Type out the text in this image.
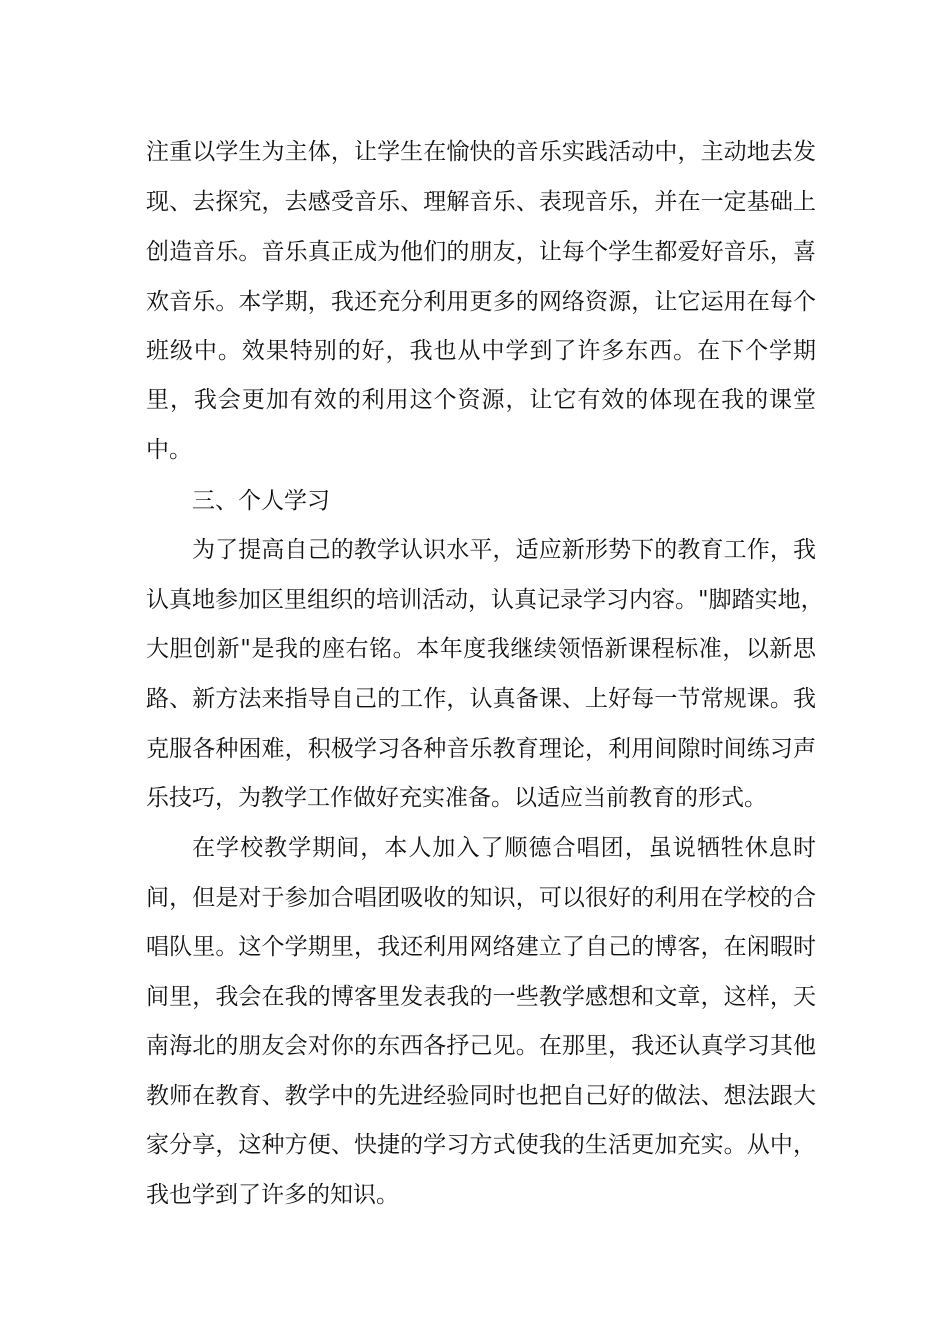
注重以学生为主体，让学生在愉快的音乐实践活动中，主动地去发
现、去探究，去感受音乐、理解音乐、表现音乐，并在一定基础上
创造音乐。音乐真正成为他们的朋友，让每个学生都爱好音乐，喜
欢音乐。本学期，我还充分利用更多的网络资源，让它运用在每个
班级中。效果特别的好，我也从中学到了许多东西。在下个学期
里，我会更加有效的利用这个资源，让它有效的体现在我的课堂
中。
三、个人学习
为了提高自己的教学认识水平，适应新形势下的教育工作，我
认真地参加区里组织的培训活动，认真记录学习内容。"脚踏实地，
大胆创新"是我的座右铭。本年度我继续领悟新课程标准，以新思
路、新方法来指导自己的工作，认真备课、上好每一节常规课。我
克服各种困难，积极学习各种音乐教育理论，利用间隙时间练习声
乐技巧，为教学工作做好充实准备。以适应当前教育的形式。
在学校教学期间，本人加入了顺德合唱团，虽说牺牲休息时
间，但是对于参加合唱团吸收的知识，可以很好的利用在学校的合
唱队里。这个学期里，我还利用网络建立了自己的博客，在闲暇时
间里，我会在我的博客里发表我的一些教学感想和文章，这样，天
南海北的朋友会对你的东西各抒己见。在那里，我还认真学习其他
教师在教育、教学中的先进经验同时也把自己好的做法、想法跟大
家分享，这种方便、快捷的学习方式使我的生活更加充实。从中，
我也学到了许多的知识。
